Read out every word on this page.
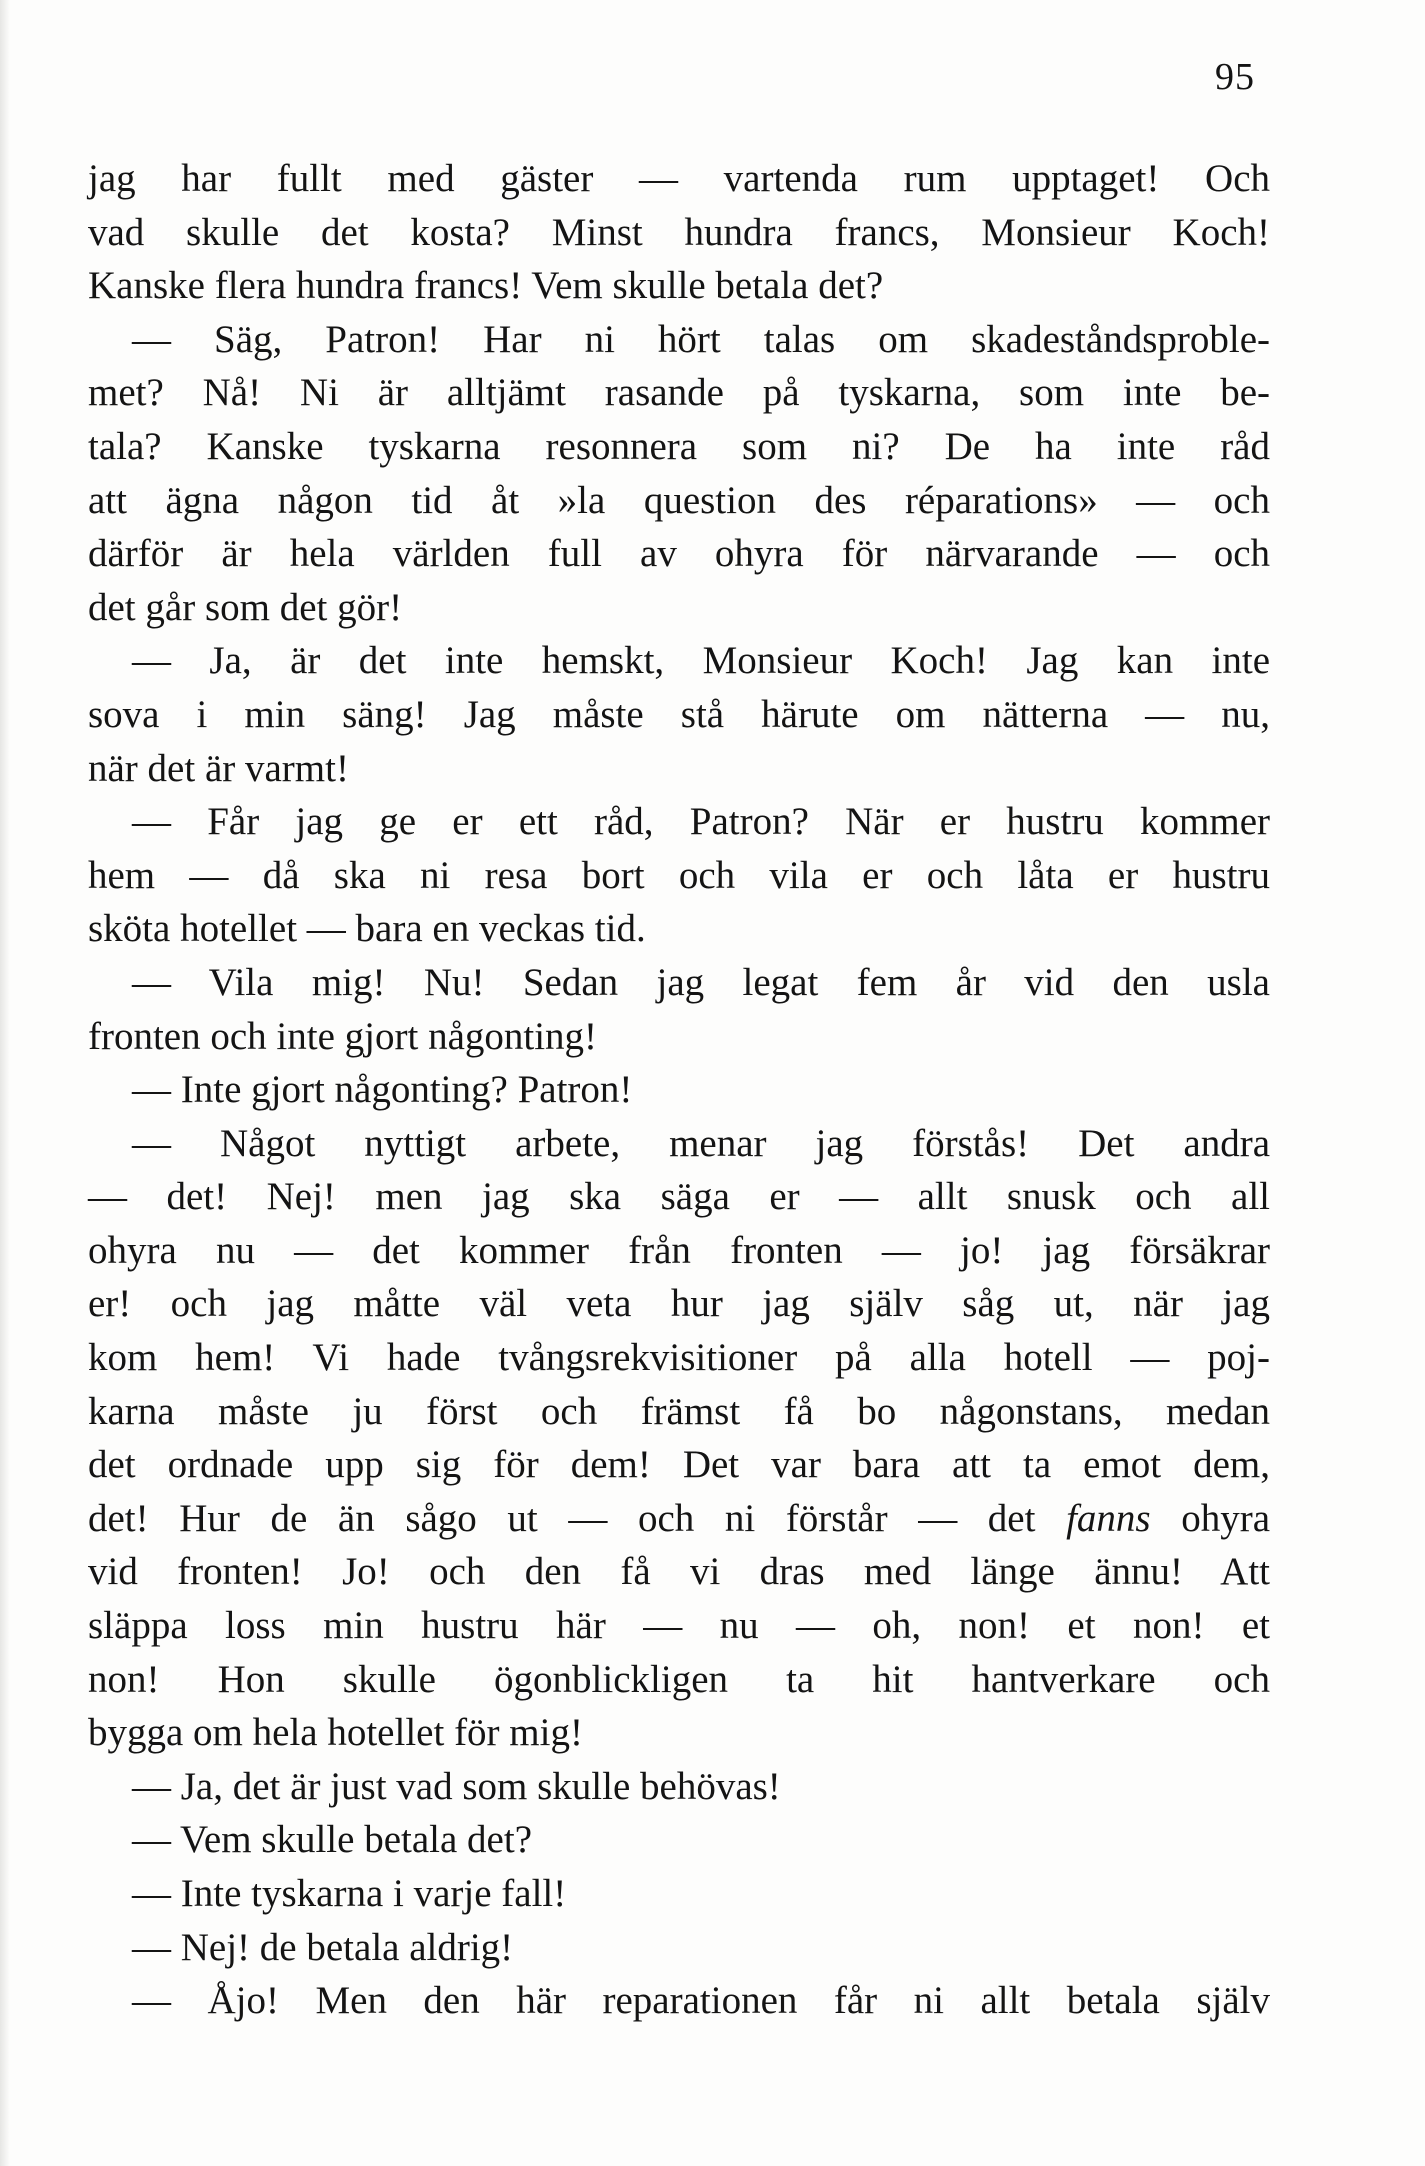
95
jag har fullt med gäster — vartenda rum upptaget! Och
vad skulle det kosta? Minst hundra francs, Monsieur Koch!
Kanske flera hundra francs! Vem skulle betala det?
— Säg, Patron! Har ni hört talas om skadeståndsproble-
met? Nå! Ni är alltjämt rasande på tyskarna, som inte be-
tala? Kanske tyskarna resonnera som ni? De ha inte råd
att ägna någon tid åt »la question des réparations» — och
därför är hela världen full av ohyra för närvarande — och
det går som det gör!
— Ja, är det inte hemskt, Monsieur Koch! Jag kan inte
sova i min säng! Jag måste stå härute om nätterna — nu,
när det är varmt!
— Får jag ge er ett råd, Patron? När er hustru kommer
hem — då ska ni resa bort och vila er och låta er hustru
sköta hotellet — bara en veckas tid.
— Vila mig! Nu! Sedan jag legat fem år vid den usla
fronten och inte gjort någonting!
— Inte gjort någonting? Patron!
— Något nyttigt arbete, menar jag förstås! Det andra
— det! Nej! men jag ska säga er — allt snusk och all
ohyra nu — det kommer från fronten — jo! jag försäkrar
er! och jag måtte väl veta hur jag själv såg ut, när jag
kom hem! Vi hade tvångsrekvisitioner på alla hotell — poj-
karna måste ju först och främst få bo någonstans, medan
det ordnade upp sig för dem! Det var bara att ta emot dem,
det! Hur de än sågo ut — och ni förstår — det fanns ohyra
vid fronten! Jo! och den få vi dras med länge ännu! Att
släppa loss min hustru här — nu — oh, non! et non! et
non! Hon skulle ögonblickligen ta hit hantverkare och
bygga om hela hotellet för mig!
— Ja, det är just vad som skulle behövas!
— Vem skulle betala det?
— Inte tyskarna i varje fall!
— Nej! de betala aldrig!
— Åjo! Men den här reparationen får ni allt betala själv
